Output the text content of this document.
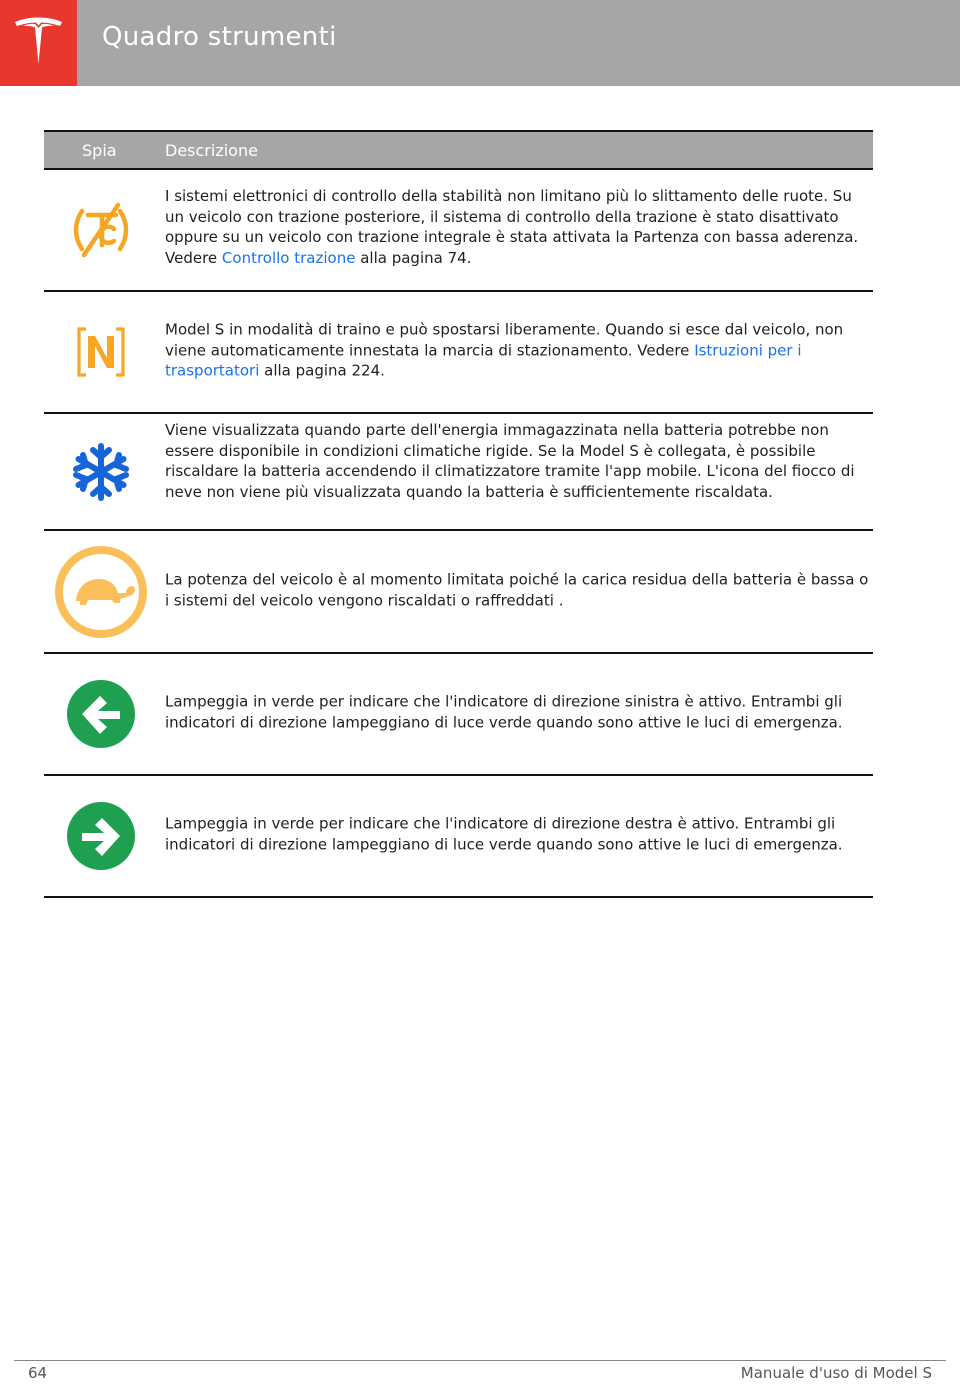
Quadro strumenti
Spia	Descrizione
I sistemi elettronici di controllo della stabilità non limitano più lo slittamento delle ruote. Su un veicolo con trazione posteriore, il sistema di controllo della trazione è stato disattivato oppure su un veicolo con trazione integrale è stata attivata la Partenza con bassa aderenza. Vedere Controllo trazione alla pagina 74.
Model S in modalità di traino e può spostarsi liberamente. Quando si esce dal veicolo, non viene automaticamente innestata la marcia di stazionamento. Vedere Istruzioni per i trasportatori alla pagina 224.
Viene visualizzata quando parte dell'energia immagazzinata nella batteria potrebbe non essere disponibile in condizioni climatiche rigide. Se la Model S è collegata, è possibile riscaldare la batteria accendendo il climatizzatore tramite l'app mobile. L'icona del fiocco di neve non viene più visualizzata quando la batteria è sufficientemente riscaldata.
La potenza del veicolo è al momento limitata poiché la carica residua della batteria è bassa o i sistemi del veicolo vengono riscaldati o raffreddati .
Lampeggia in verde per indicare che l'indicatore di direzione sinistra è attivo. Entrambi gli indicatori di direzione lampeggiano di luce verde quando sono attive le luci di emergenza.
Lampeggia in verde per indicare che l'indicatore di direzione destra è attivo. Entrambi gli indicatori di direzione lampeggiano di luce verde quando sono attive le luci di emergenza.
64	Manuale d'uso di Model S
